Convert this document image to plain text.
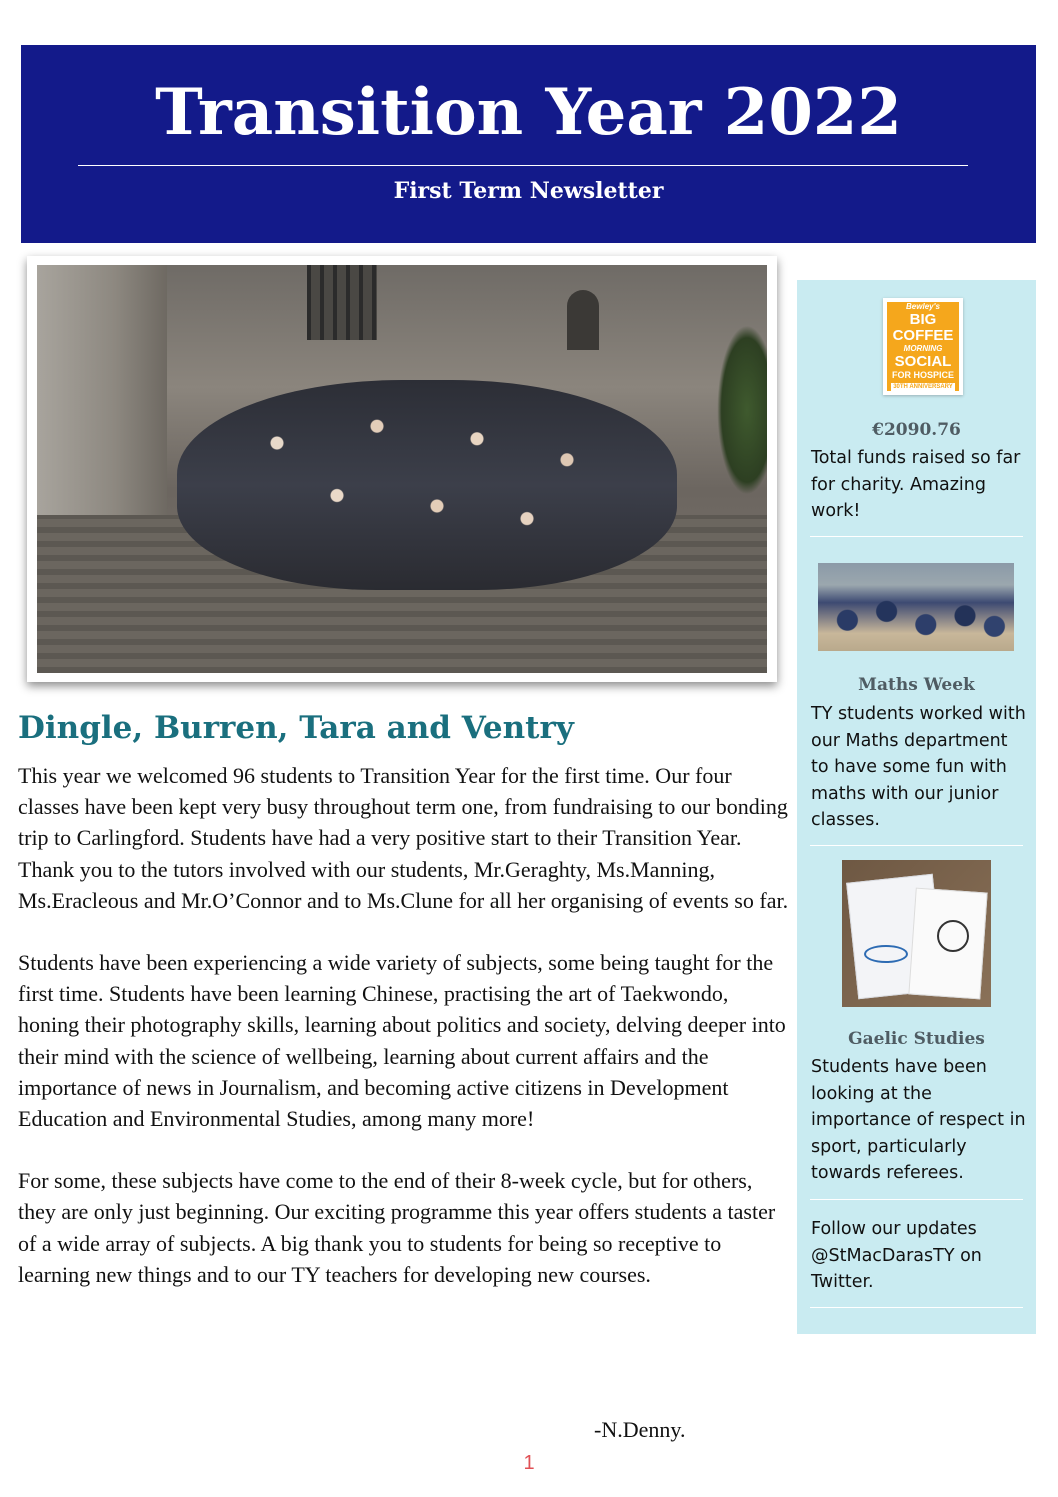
Transition Year 2022
First Term Newsletter
Dingle, Burren, Tara and Ventry

This year we welcomed 96 students to Transition Year for the first time. Our four classes have been kept very busy throughout term one, from fundraising to our bonding trip to Carlingford. Students have had a very positive start to their Transition Year. Thank you to the tutors involved with our students, Mr.Geraghty, Ms.Manning, Ms.Eracleous and Mr.O’Connor and to Ms.Clune for all her organising of events so far.

Students have been experiencing a wide variety of subjects, some being taught for the first time. Students have been learning Chinese, practising the art of Taekwondo, honing their photography skills, learning about politics and society, delving deeper into their mind with the science of wellbeing, learning about current affairs and the importance of news in Journalism, and becoming active citizens in Development Education and Environmental Studies, among many more!

For some, these subjects have come to the end of their 8-week cycle, but for others, they are only just beginning. Our exciting programme this year offers students a taster of a wide array of subjects. A big thank you to students for being so receptive to learning new things and to our TY teachers for developing new courses.

-N.Denny.
Bewley's
BIG
COFFEE
MORNING
SOCIAL
FOR HOSPICE
30TH ANNIVERSARY
€2090.76
Total funds raised so far for charity. Amazing work!
Maths Week
TY students worked with our Maths department to have some fun with maths with our junior classes.
Gaelic Studies
Students have been looking at the importance of respect in sport, particularly towards referees.
Follow our updates @StMacDarasTY on Twitter.
1
